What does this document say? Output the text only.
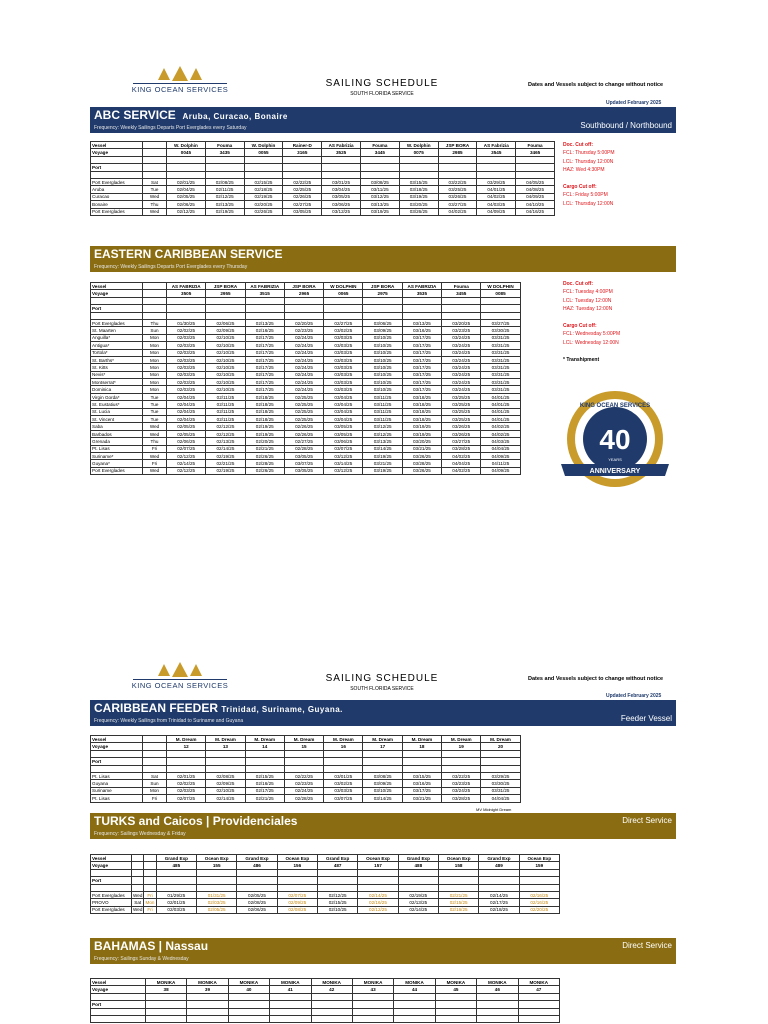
KING OCEAN SERVICES
SAILING SCHEDULE
SOUTH FLORIDA SERVICE
Dates and Vessels subject to change without notice
Updated February 2025
ABC SERVICE Aruba, Curacao, Bonaire
Frequency: Weekly Sailings Departs Port Everglades every Saturday	Southbound / Northbound
Vessel		W. Dolphin	Fouma	W. Dolphin	Rainer-D	AS Fabrizia	Fouma	W. Dolphin	JSP BORA	AS Fabrizia	Fouma
Voyage		0045	3435	0055	3165	3525	3445	0075	2985	3545	3465

Port											

Port Everglades	Sat	02/01/25	02/08/25	02/15/25	02/22/25	03/01/25	03/08/25	03/15/25	03/22/25	03/29/25	04/05/25
Aruba	Tue	02/04/25	02/11/25	02/18/25	02/25/25	03/04/25	03/11/25	03/18/25	03/25/25	04/01/25	04/08/25
Curacao	Wed	02/05/25	02/12/25	02/19/25	02/26/25	03/05/25	03/12/25	03/19/25	03/26/25	04/02/25	04/09/25
Bonaire	Thu	02/06/25	02/13/25	02/20/25	02/27/25	03/06/25	03/13/25	03/20/25	03/27/25	04/03/25	04/10/25
Port Everglades	Wed	02/12/25	02/19/25	02/26/25	03/05/25	03/12/25	03/19/25	03/26/25	04/02/25	04/09/25	04/16/25
Doc. Cut off:
FCL: Thursday 5:00PM
LCL: Thursday 12:00N
HAZ: Wed 4:30PM

Cargo Cut off:
FCL: Friday 5:00PM
LCL: Thursday 12:00N
EASTERN CARIBBEAN SERVICE
Frequency: Weekly Sailings Departs Port Everglades every Thursday
Vessel		AS FABRIZIA	JSP BORA	AS FABRIZIA	JSP BORA	W DOLPHIN	JSP BORA	AS FABRIZIA	Fouma	W DOLPHIN
Voyage		3505	2955	3515	2965	0065	2975	3535	3455	0085

Port										

Port Everglades	Thu	01/30/25	02/06/25	02/13/25	02/20/25	02/27/25	03/06/25	03/13/25	03/20/25	03/27/25
St. Maarten	Sun	02/02/25	02/09/25	02/16/25	02/23/25	03/02/25	03/09/25	03/16/25	03/23/25	03/30/25
Anguilla*	Mon	02/03/25	02/10/25	02/17/25	02/24/25	03/03/25	03/10/25	03/17/25	03/24/25	03/31/25
Antigua*	Mon	02/03/25	02/10/25	02/17/25	02/24/25	03/03/25	03/10/25	03/17/25	03/24/25	03/31/25
Tortola*	Mon	02/03/25	02/10/25	02/17/25	02/24/25	03/03/25	03/10/25	03/17/25	03/24/25	03/31/25
St. Barths*	Mon	02/03/25	02/10/25	02/17/25	02/24/25	03/03/25	03/10/25	03/17/25	03/24/25	03/31/25
St. Kitts	Mon	02/03/25	02/10/25	02/17/25	02/24/25	03/03/25	03/10/25	03/17/25	03/24/25	03/31/25
Nevis*	Mon	02/03/25	02/10/25	02/17/25	02/24/25	03/03/25	03/10/25	03/17/25	03/24/25	03/31/25
Montserrat*	Mon	02/03/25	02/10/25	02/17/25	02/24/25	03/03/25	03/10/25	03/17/25	03/24/25	03/31/25
Dominica	Mon	02/03/25	02/10/25	02/17/25	02/24/25	03/03/25	03/10/25	03/17/25	03/24/25	03/31/25
Virgin Gorda*	Tue	02/04/25	02/11/25	02/18/25	02/25/25	03/04/25	03/11/25	03/18/25	03/25/25	04/01/25
St. Eustatius*	Tue	02/04/25	02/11/25	02/18/25	02/25/25	03/04/25	03/11/25	03/18/25	03/25/25	04/01/25
St. Lucia	Tue	02/04/25	02/11/25	02/18/25	02/25/25	03/04/25	03/11/25	03/18/25	03/25/25	04/01/25
St. Vincent	Tue	02/04/25	02/11/25	02/18/25	02/25/25	03/04/25	03/11/25	03/18/25	03/25/25	04/01/25
Saba	Wed	02/05/25	02/12/25	02/19/25	02/26/25	03/05/25	03/12/25	03/19/25	03/26/25	04/02/25
Barbados	Wed	02/05/25	02/12/25	02/19/25	02/26/25	03/05/25	03/12/25	03/19/25	03/26/25	04/02/25
Grenada	Thu	02/06/25	02/13/25	02/20/25	02/27/25	03/06/25	03/13/25	03/20/25	03/27/25	04/03/25
Pt. Lisas	Fri	02/07/25	02/14/25	02/21/25	02/28/25	03/07/25	03/14/25	03/21/25	03/28/25	04/04/25
Suriname*	Wed	02/12/25	02/19/25	02/26/25	03/05/25	03/12/25	03/19/25	03/26/25	04/02/25	04/09/25
Guyana*	Fri	02/14/25	02/21/25	02/28/25	03/07/25	03/14/25	03/21/25	03/28/25	04/04/25	04/11/25
Port Everglades	Wed	02/12/25	02/19/25	02/26/25	03/05/25	03/12/25	03/19/25	03/26/25	04/02/25	04/09/25
Doc. Cut off:
FCL: Tuesday 4:00PM
LCL: Tuesday 12:00N
HAZ: Tuesday 12:00N

Cargo Cut off:
FCL: Wednesday 5:00PM
LCL: Wednesday 12:00N

* Transhipment
40
KING OCEAN SERVICES
YEARS
ANNIVERSARY
KING OCEAN SERVICES
SAILING SCHEDULE
SOUTH FLORIDA SERVICE
Dates and Vessels subject to change without notice
Updated February 2025
CARIBBEAN FEEDER Trinidad, Suriname, Guyana.
Frequency: Weekly Sailings from Trinidad to Suriname and Guyana	Feeder Vessel
Vessel		M. Dream	M. Dream	M. Dream	M. Dream	M. Dream	M. Dream	M. Dream	M. Dream	M. Dream
Voyage		12	13	14	15	16	17	18	19	20

Port										

Pt. Lisas	Sat	02/01/25	02/08/25	02/15/25	02/22/25	03/01/25	03/08/25	03/15/25	03/22/25	03/29/25
Guyana	Sun	02/02/25	02/09/25	02/16/25	02/23/25	03/02/25	03/09/25	03/16/25	03/23/25	03/30/25
Suriname	Mon	02/03/25	02/10/25	02/17/25	02/24/25	03/03/25	03/10/25	03/17/25	03/24/25	03/31/25
Pt. Lisas	Fri	02/07/25	02/14/25	02/21/25	02/28/25	03/07/25	03/14/25	03/21/25	03/28/25	04/04/25
MV Midnight Dream
TURKS and Caicos | Providenciales
Frequency: Sailings Wednesday & Friday
Direct Service
Vessel			Grand Exp	Ocean Exp	Grand Exp	Ocean Exp	Grand Exp	Ocean Exp	Grand Exp	Ocean Exp	Grand Exp	Ocean Exp
Voyage			485	155	486	156	487	157	488	158	489	159

Port												

Port Everglades	Wed	Fri	01/29/25	01/31/25	02/05/25	02/07/25	02/12/25	02/14/25	02/19/25	02/21/25	02/14/25	02/16/25
PROVO	Sat	Mon	02/01/25	02/03/25	02/08/25	02/09/25	02/15/25	02/16/25	02/13/25	02/15/25	02/17/25	02/16/25
Port Everglades	Wed	Fri	02/03/25	02/05/25	02/06/25	02/08/25	02/10/25	02/12/25	02/14/25	02/16/25	02/18/25	02/20/25
BAHAMAS | Nassau
Frequency: Sailings Sunday & Wednesday
Direct Service
Vessel		MONIKA	MONIKA	MONIKA	MONIKA	MONIKA	MONIKA	MONIKA	MONIKA	MONIKA	MONIKA
Voyage		38	39	40	41	42	43	44	45	46	47

Port											
